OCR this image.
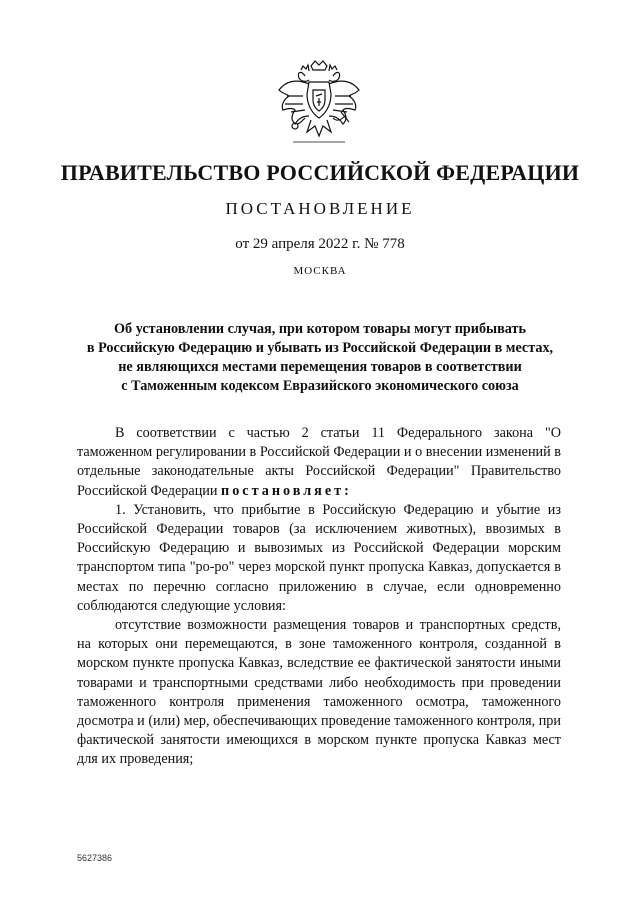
ПРАВИТЕЛЬСТВО РОССИЙСКОЙ ФЕДЕРАЦИИ
ПОСТАНОВЛЕНИЕ
от 29 апреля 2022 г. № 778
МОСКВА
Об установлении случая, при котором товары могут прибывать
в Российскую Федерацию и убывать из Российской Федерации в местах,
не являющихся местами перемещения товаров в соответствии
с Таможенным кодексом Евразийского экономического союза

В соответствии с частью 2 статьи 11 Федерального закона "О таможенном регулировании в Российской Федерации и о внесении изменений в отдельные законодательные акты Российской Федерации" Правительство Российской Федерации постановляет:

1. Установить, что прибытие в Российскую Федерацию и убытие из Российской Федерации товаров (за исключением животных), ввозимых в Российскую Федерацию и вывозимых из Российской Федерации морским транспортом типа "ро-ро" через морской пункт пропуска Кавказ, допускается в местах по перечню согласно приложению в случае, если одновременно соблюдаются следующие условия:

отсутствие возможности размещения товаров и транспортных средств, на которых они перемещаются, в зоне таможенного контроля, созданной в морском пункте пропуска Кавказ, вследствие ее фактической занятости иными товарами и транспортными средствами либо необходимость при проведении таможенного контроля применения таможенного осмотра, таможенного досмотра и (или) мер, обеспечивающих проведение таможенного контроля, при фактической занятости имеющихся в морском пункте пропуска Кавказ мест для их проведения;

5627386
